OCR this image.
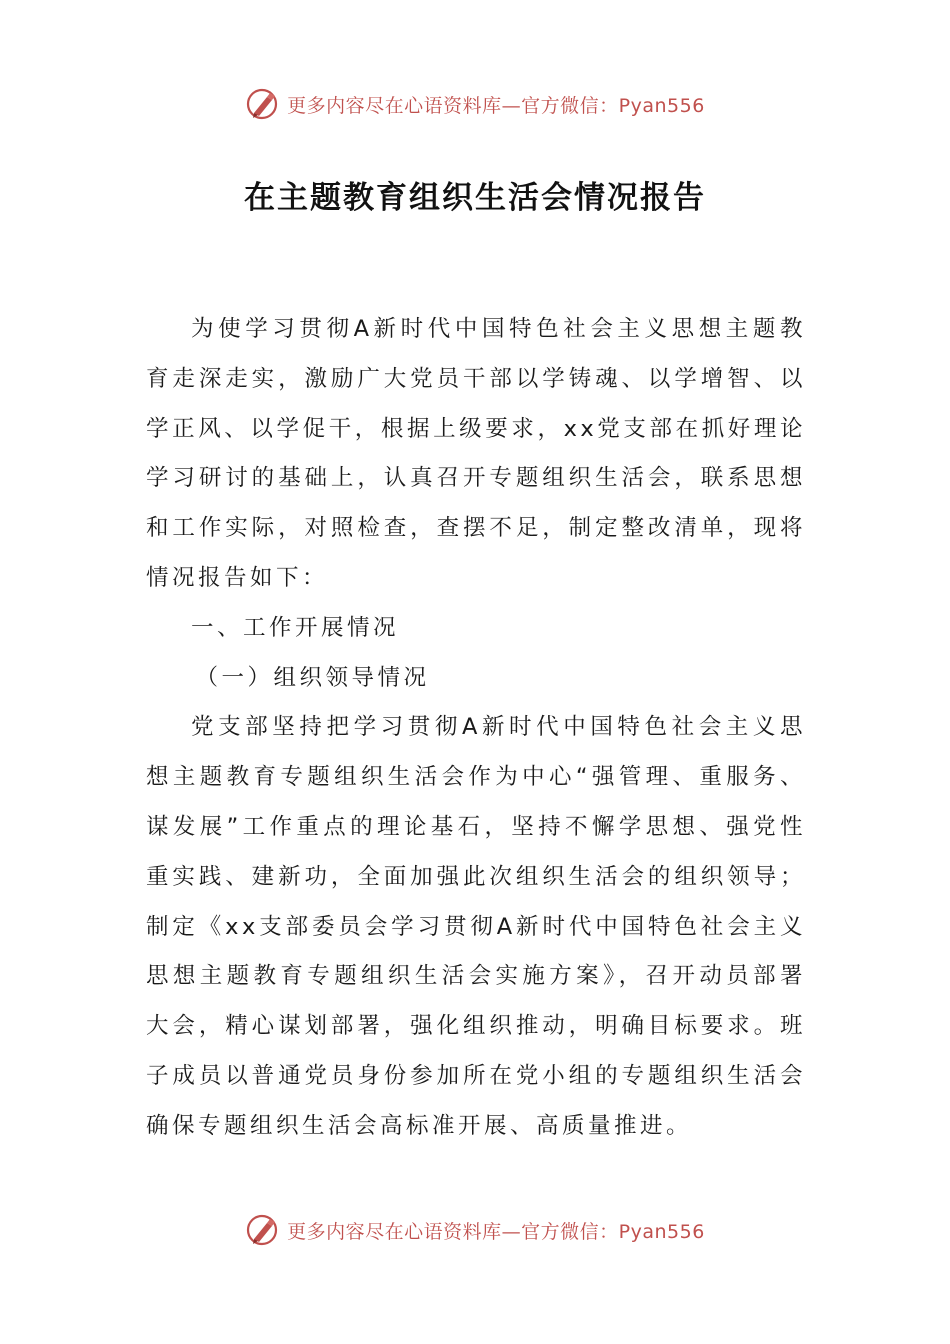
更多内容尽在心语资料库—官方微信：Pyan556
在主题教育组织生活会情况报告

为使学习贯彻A新时代中国特色社会主义思想主题教育走深走实，激励广大党员干部以学铸魂、以学增智、以学正风、以学促干，根据上级要求，xx党支部在抓好理论学习研讨的基础上，认真召开专题组织生活会，联系思想和工作实际，对照检查，查摆不足，制定整改清单，现将情况报告如下：

一、工作开展情况

（一）组织领导情况

党支部坚持把学习贯彻A新时代中国特色社会主义思想主题教育专题组织生活会作为中心“强管理、重服务、谋发展”工作重点的理论基石，坚持不懈学思想、强党性重实践、建新功，全面加强此次组织生活会的组织领导；制定《xx支部委员会学习贯彻A新时代中国特色社会主义思想主题教育专题组织生活会实施方案》，召开动员部署大会，精心谋划部署，强化组织推动，明确目标要求。班子成员以普通党员身份参加所在党小组的专题组织生活会确保专题组织生活会高标准开展、高质量推进。

更多内容尽在心语资料库—官方微信：Pyan556
